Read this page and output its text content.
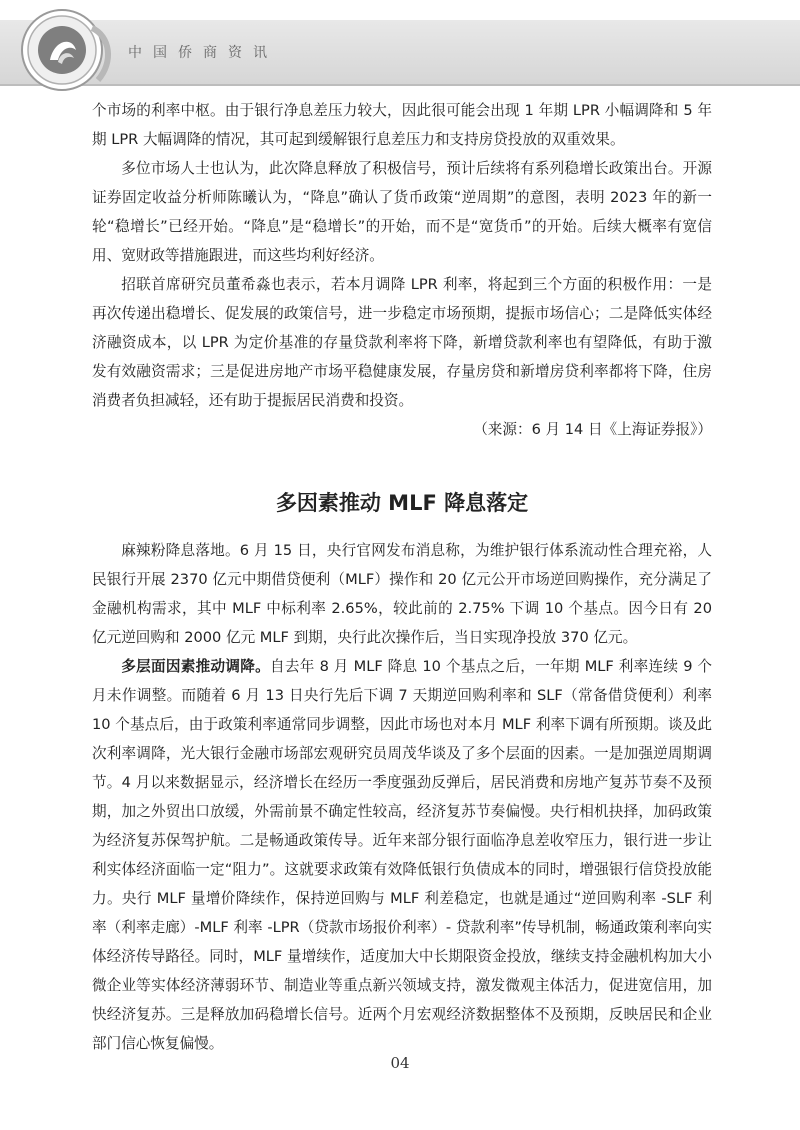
中国侨商资讯

个市场的利率中枢。由于银行净息差压力较大，因此很可能会出现 1 年期 LPR 小幅调降和 5 年期 LPR 大幅调降的情况，其可起到缓解银行息差压力和支持房贷投放的双重效果。

多位市场人士也认为，此次降息释放了积极信号，预计后续将有系列稳增长政策出台。开源证券固定收益分析师陈曦认为，“降息”确认了货币政策“逆周期”的意图，表明 2023 年的新一轮“稳增长”已经开始。“降息”是“稳增长”的开始，而不是“宽货币”的开始。后续大概率有宽信用、宽财政等措施跟进，而这些均利好经济。

招联首席研究员董希淼也表示，若本月调降 LPR 利率，将起到三个方面的积极作用：一是再次传递出稳增长、促发展的政策信号，进一步稳定市场预期，提振市场信心；二是降低实体经济融资成本，以 LPR 为定价基准的存量贷款利率将下降，新增贷款利率也有望降低，有助于激发有效融资需求；三是促进房地产市场平稳健康发展，存量房贷和新增房贷利率都将下降，住房消费者负担减轻，还有助于提振居民消费和投资。

（来源：6 月 14 日《上海证券报》）

多因素推动 MLF 降息落定

麻辣粉降息落地。6 月 15 日，央行官网发布消息称，为维护银行体系流动性合理充裕，人民银行开展 2370 亿元中期借贷便利（MLF）操作和 20 亿元公开市场逆回购操作，充分满足了金融机构需求，其中 MLF 中标利率 2.65%，较此前的 2.75% 下调 10 个基点。因今日有 20 亿元逆回购和 2000 亿元 MLF 到期，央行此次操作后，当日实现净投放 370 亿元。

多层面因素推动调降。自去年 8 月 MLF 降息 10 个基点之后，一年期 MLF 利率连续 9 个月未作调整。而随着 6 月 13 日央行先后下调 7 天期逆回购利率和 SLF（常备借贷便利）利率 10 个基点后，由于政策利率通常同步调整，因此市场也对本月 MLF 利率下调有所预期。谈及此次利率调降，光大银行金融市场部宏观研究员周茂华谈及了多个层面的因素。一是加强逆周期调节。4 月以来数据显示，经济增长在经历一季度强劲反弹后，居民消费和房地产复苏节奏不及预期，加之外贸出口放缓，外需前景不确定性较高，经济复苏节奏偏慢。央行相机抉择，加码政策为经济复苏保驾护航。二是畅通政策传导。近年来部分银行面临净息差收窄压力，银行进一步让利实体经济面临一定“阻力”。这就要求政策有效降低银行负债成本的同时，增强银行信贷投放能力。央行 MLF 量增价降续作，保持逆回购与 MLF 利差稳定，也就是通过“逆回购利率 -SLF 利率（利率走廊）-MLF 利率 -LPR（贷款市场报价利率）- 贷款利率”传导机制，畅通政策利率向实体经济传导路径。同时，MLF 量增续作，适度加大中长期限资金投放，继续支持金融机构加大小微企业等实体经济薄弱环节、制造业等重点新兴领域支持，激发微观主体活力，促进宽信用，加快经济复苏。三是释放加码稳增长信号。近两个月宏观经济数据整体不及预期，反映居民和企业部门信心恢复偏慢。

04
